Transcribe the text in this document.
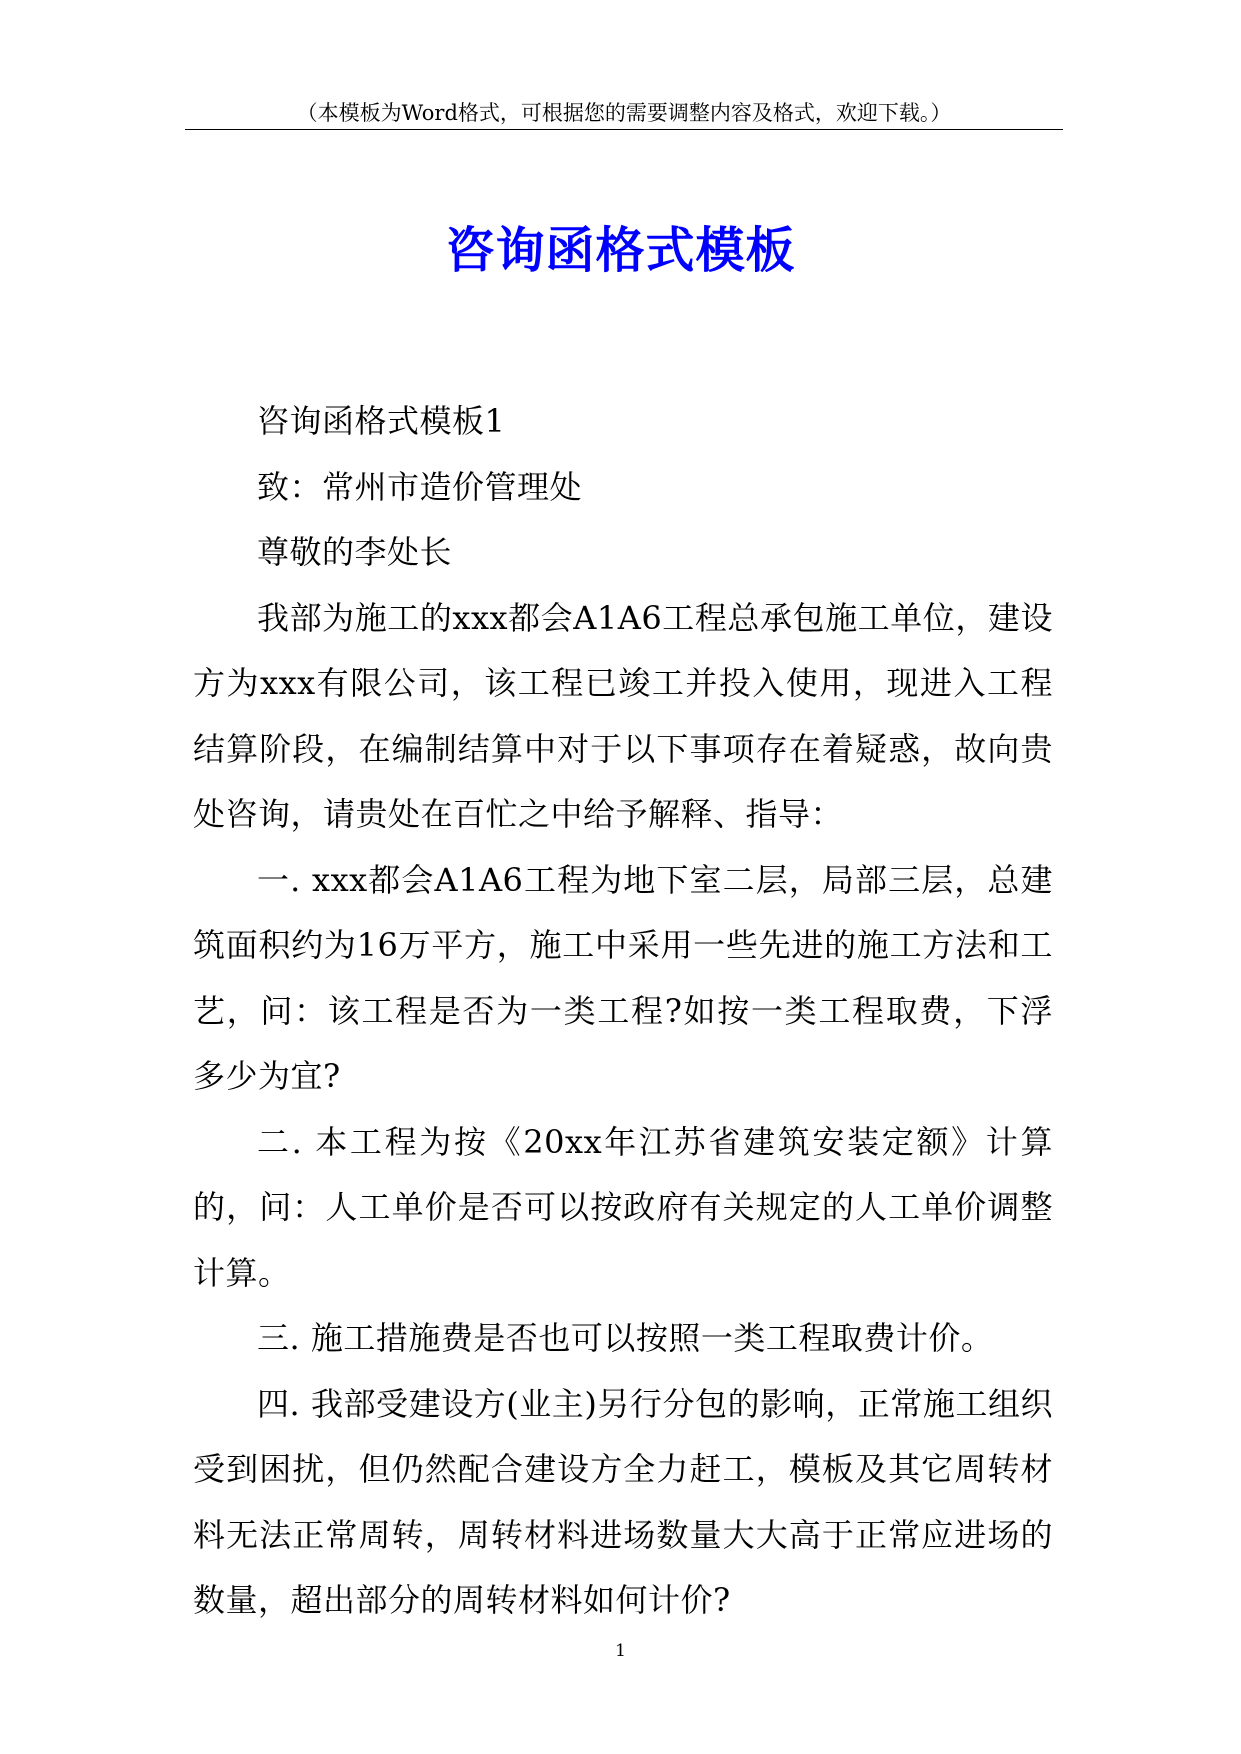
（本模板为Word格式，可根据您的需要调整内容及格式，欢迎下载。）
咨询函格式模板

咨询函格式模板1

致：常州市造价管理处

尊敬的李处长

我部为施工的xxx都会A1A6工程总承包施工单位，建设方为xxx有限公司，该工程已竣工并投入使用，现进入工程结算阶段，在编制结算中对于以下事项存在着疑惑，故向贵处咨询，请贵处在百忙之中给予解释、指导：

一. xxx都会A1A6工程为地下室二层，局部三层，总建筑面积约为16万平方，施工中采用一些先进的施工方法和工艺，问：该工程是否为一类工程?如按一类工程取费，下浮多少为宜?

二. 本工程为按《20xx年江苏省建筑安装定额》计算的，问：人工单价是否可以按政府有关规定的人工单价调整计算。

三. 施工措施费是否也可以按照一类工程取费计价。

四. 我部受建设方(业主)另行分包的影响，正常施工组织受到困扰，但仍然配合建设方全力赶工，模板及其它周转材料无法正常周转，周转材料进场数量大大高于正常应进场的数量，超出部分的周转材料如何计价?

1
